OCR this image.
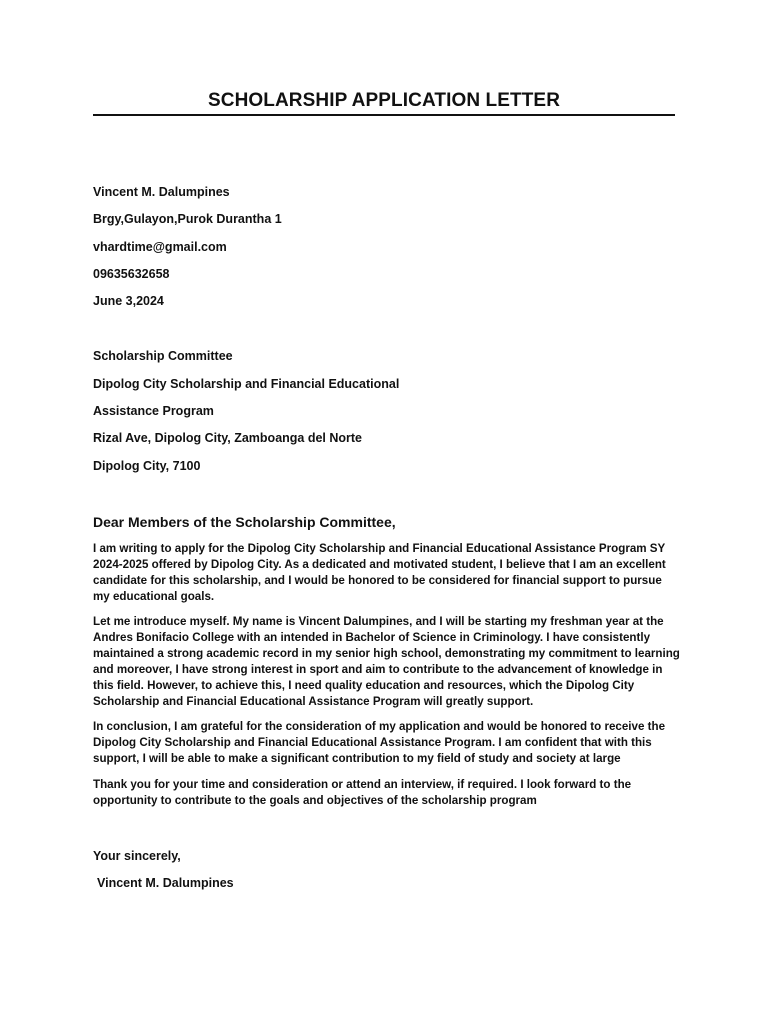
SCHOLARSHIP APPLICATION LETTER
Vincent M. Dalumpines
Brgy,Gulayon,Purok Durantha 1
vhardtime@gmail.com
09635632658
June 3,2024
Scholarship Committee
Dipolog City Scholarship and Financial Educational
Assistance Program
Rizal Ave, Dipolog City, Zamboanga del Norte
Dipolog City, 7100
Dear Members of the Scholarship Committee,
I am writing to apply for the Dipolog City Scholarship and Financial Educational Assistance Program SY 2024-2025 offered by Dipolog City. As a dedicated and motivated student, I believe that I am an excellent candidate for this scholarship, and I would be honored to be considered for financial support to pursue my educational goals.
Let me introduce myself. My name is Vincent Dalumpines, and I will be starting my freshman year at the Andres Bonifacio College with an intended in Bachelor of Science in Criminology. I have consistently maintained a strong academic record in my senior high school, demonstrating my commitment to learning and moreover, I have strong interest in sport and aim to contribute to the advancement of knowledge in this field. However, to achieve this, I need quality education and resources, which the Dipolog City Scholarship and Financial Educational Assistance Program will greatly support.
In conclusion, I am grateful for the consideration of my application and would be honored to receive the Dipolog City Scholarship and Financial Educational Assistance Program. I am confident that with this support, I will be able to make a significant contribution to my field of study and society at large
Thank you for your time and consideration or attend an interview, if required. I look forward to the opportunity to contribute to the goals and objectives of the scholarship program
Your sincerely,
Vincent M. Dalumpines
